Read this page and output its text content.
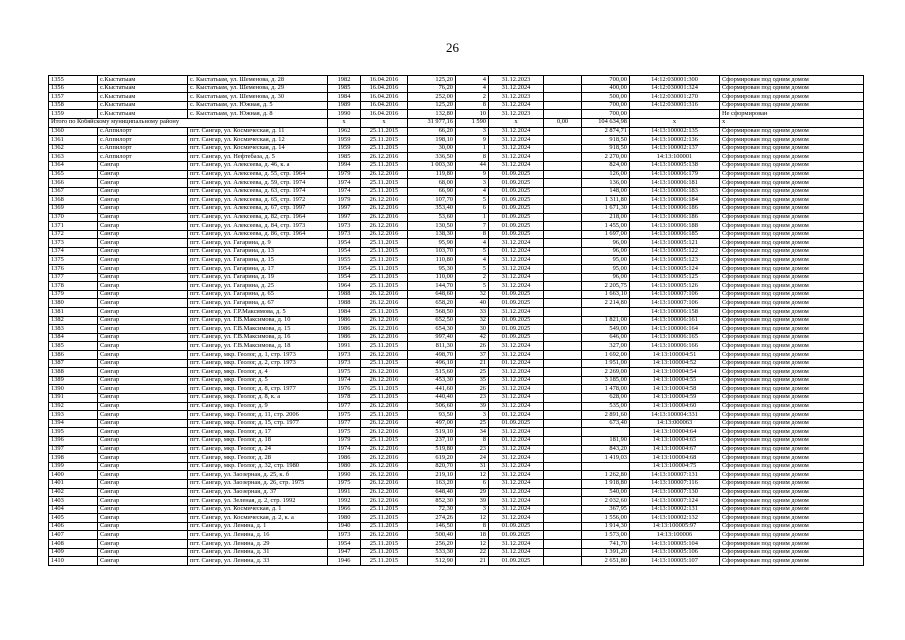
26
1355	с.Кыстатыам	с. Кыстатыам, ул. Шеменова, д. 28	1982	16.04.2016	125,20	4	31.12.2023		700,00	14:12:030001:300	Сформирован под одним домом
1356	с.Кыстатыам	с. Кыстатыам, ул. Шеменова, д. 29	1985	16.04.2016	76,20	4	31.12.2024		400,00	14:12:030001:324	Сформирован под одним домом
1357	с.Кыстатыам	с. Кыстатыам, ул. Шеменова, д. 30	1984	16.04.2016	252,00	2	31.12.2023		500,00	14:12:030001:270	Сформирован под одним домом
1358	с.Кыстатыам	с. Кыстатыам, ул. Южная, д. 5	1989	16.04.2016	125,20	8	31.12.2024		700,00	14:12:030001:316	Сформирован под одним домом
1359	с.Кыстатыам	с. Кыстатыам, ул. Южная, д. 8	1990	16.04.2016	132,80	10	31.12.2023		700,00		Не сформирован
Итого по Кобяйскому муниципальному району			х	х	31 977,16	1 590	х	0,00	104 634,98	х	х
1360	с.Аппилорт	пгт. Сангар, ул. Космическая, д. 11	1962	25.11.2015	66,20	3	31.12.2024		2 874,71	14:13:100002:135	Сформирован под одним домом
1361	с.Аппилорт	пгт. Сангар, ул. Космическая, д. 12	1959	25.11.2015	198,10	9	31.12.2024		918,50	14:13:100002:136	Сформирован под одним домом
1362	с.Аппилорт	пгт. Сангар, ул. Космическая, д. 14	1959	25.11.2015	30,00	1	31.12.2024		918,50	14:13:100002:137	Сформирован под одним домом
1363	с.Аппилорт	пгт. Сангар, ул. Нефтебаза, д. 5	1985	26.12.2016	336,50	8	31.12.2024		2 270,00	14:13:100001	Сформирован под одним домом
1364	Сангар	пгт. Сангар, ул. Алексеева, д. 46, к. а	1994	25.11.2015	1 003,30	44	31.12.2024		824,00	14:13:100005:138	Сформирован под одним домом
1365	Сангар	пгт. Сангар, ул. Алексеева, д. 55, стр. 1964	1979	26.12.2016	119,80	9	01.09.2025		126,00	14:13:100006:179	Сформирован под одним домом
1366	Сангар	пгт. Сангар, ул. Алексеева, д. 59, стр. 1974	1974	25.11.2015	68,00	3	01.09.2025		136,00	14:13:100006:181	Сформирован под одним домом
1367	Сангар	пгт. Сангар, ул. Алексеева, д. 63, стр. 1974	1974	25.11.2015	66,90	4	01.09.2025		148,00	14:13:100006:183	Сформирован под одним домом
1368	Сангар	пгт. Сангар, ул. Алексеева, д. 65, стр. 1972	1979	26.12.2016	107,70	5	01.09.2025		1 311,80	14:13:100006:184	Сформирован под одним домом
1369	Сангар	пгт. Сангар, ул. Алексеева, д. 67, стр. 1997	1997	26.12.2016	353,40	6	01.09.2025		1 671,30	14:13:100006:186	Сформирован под одним домом
1370	Сангар	пгт. Сангар, ул. Алексеева, д. 82, стр. 1964	1997	26.12.2016	53,60	1	01.09.2025		218,00	14:13:100006:186	Сформирован под одним домом
1371	Сангар	пгт. Сангар, ул. Алексеева, д. 84, стр. 1973	1973	26.12.2016	130,50	7	01.09.2025		1 455,00	14:13:100006:188	Сформирован под одним домом
1372	Сангар	пгт. Сангар, ул. Алексеева, д. 86, стр. 1964	1973	26.12.2016	138,30	8	01.09.2025		1 697,00	14:13:100006:185	Сформирован под одним домом
1373	Сангар	пгт. Сангар, ул. Гагарина, д. 9	1954	25.11.2015	95,90	4	31.12.2024		96,00	14:13:100005:121	Сформирован под одним домом
1374	Сангар	пгт. Сангар, ул. Гагарина, д. 13	1954	25.11.2015	103,70	5	01.12.2024		96,00	14:13:100005:122	Сформирован под одним домом
1375	Сангар	пгт. Сангар, ул. Гагарина, д. 15	1955	25.11.2015	110,80	4	31.12.2024		95,00	14:13:100005:123	Сформирован под одним домом
1376	Сангар	пгт. Сангар, ул. Гагарина, д. 17	1954	25.11.2015	95,30	5	31.12.2024		95,00	14:13:100005:124	Сформирован под одним домом
1377	Сангар	пгт. Сангар, ул. Гагарина, д. 19	1954	25.11.2015	110,00	2	31.12.2024		96,00	14:13:100005:125	Сформирован под одним домом
1378	Сангар	пгт. Сангар, ул. Гагарина, д. 25	1964	25.11.2015	144,70	5	31.12.2024		2 205,75	14:13:100005:126	Сформирован под одним домом
1379	Сангар	пгт. Сангар, ул. Гагарина, д. 65	1988	26.12.2016	648,60	32	01.09.2025		1 663,10	14:13:100007:106	Сформирован под одним домом
1380	Сангар	пгт. Сангар, ул. Гагарина, д. 67	1988	26.12.2016	658,20	40	01.09.2025		2 214,80	14:13:100007:106	Сформирован под одним домом
1381	Сангар	пгт. Сангар, ул. Г.Р.Максимова, д. 5	1984	25.11.2015	568,50	33	31.12.2024			14:13:100006:158	Сформирован под одним домом
1382	Сангар	пгт. Сангар, ул. Г.В.Максимова, д. 10	1986	26.12.2016	652,50	32	01.09.2025		1 821,00	14:13:100006:161	Сформирован под одним домом
1383	Сангар	пгт. Сангар, ул. Г.В.Максимова, д. 15	1986	26.12.2016	654,30	30	01.09.2025		549,00	14:13:100006:164	Сформирован под одним домом
1384	Сангар	пгт. Сангар, ул. Г.В.Максимова, д. 16	1986	26.12.2016	997,40	42	01.09.2025		646,00	14:13:100006:165	Сформирован под одним домом
1385	Сангар	пгт. Сангар, ул. Г.В.Максимова, д. 18	1991	25.11.2015	811,30	26	31.12.2024		327,00	14:13:100006:166	Сформирован под одним домом
1386	Сангар	пгт. Сангар, мкр. Геолог, д. 1, стр. 1973	1973	26.12.2016	498,70	37	31.12.2024		1 692,00	14:13:100004:51	Сформирован под одним домом
1387	Сангар	пгт. Сангар, мкр. Геолог, д. 2, стр. 1973	1973	25.11.2015	496,10	21	01.12.2024		1 951,00	14:13:100004:52	Сформирован под одним домом
1388	Сангар	пгт. Сангар, мкр. Геолог, д. 4	1975	26.12.2016	515,60	25	31.12.2024		2 269,00	14:13:100004:54	Сформирован под одним домом
1389	Сангар	пгт. Сангар, мкр. Геолог, д. 5	1974	26.12.2016	453,30	35	31.12.2024		3 185,00	14:13:100004:55	Сформирован под одним домом
1390	Сангар	пгт. Сангар, мкр. Геолог, д. 8, стр. 1977	1976	25.11.2015	441,60	26	31.12.2024		1 478,00	14:13:100004:58	Сформирован под одним домом
1391	Сангар	пгт. Сангар, мкр. Геолог, д. 8, к. а	1978	25.11.2015	440,40	23	31.12.2024		628,00	14:13:100004:59	Сформирован под одним домом
1392	Сангар	пгт. Сангар, мкр. Геолог, д. 9	1977	26.12.2016	506,60	39	31.12.2024		535,00	14:13:100004:60	Сформирован под одним домом
1393	Сангар	пгт. Сангар, мкр. Геолог, д. 11, стр. 2006	1975	25.11.2015	93,50	3	01.12.2024		2 891,60	14:13:100004:331	Сформирован под одним домом
1394	Сангар	пгт. Сангар, мкр. Геолог, д. 15, стр. 1977	1977	26.12.2016	497,00	25	01.09.2025		673,40	14:13:000063	Сформирован под одним домом
1395	Сангар	пгт. Сангар, мкр. Геолог, д. 17	1975	26.12.2016	519,10	34	31.12.2024			14:13:100004:64	Сформирован под одним домом
1396	Сангар	пгт. Сангар, мкр. Геолог, д. 18	1979	25.11.2015	237,10	8	01.12.2024		181,90	14:13:100004:65	Сформирован под одним домом
1397	Сангар	пгт. Сангар, мкр. Геолог, д. 24	1974	26.12.2016	519,80	23	31.12.2024		843,20	14:13:100004:67	Сформирован под одним домом
1398	Сангар	пгт. Сангар, мкр. Геолог, д. 28	1986	26.12.2016	619,20	24	31.12.2024		1 419,03	14:13:100004:68	Сформирован под одним домом
1399	Сангар	пгт. Сангар, мкр. Геолог, д. 32, стр. 1980	1980	26.12.2016	820,70	31	31.12.2024			14:13:100004:75	Сформирован под одним домом
1400	Сангар	пгт. Сангар, ул. Заозерная, д. 25, к. б	1990	26.12.2016	219,10	12	31.12.2024		1 262,80	14:13:100007:131	Сформирован под одним домом
1401	Сангар	пгт. Сангар, ул. Заозерная, д. 26, стр. 1975	1975	26.12.2016	163,20	6	31.12.2024		1 918,80	14:13:100007:116	Сформирован под одним домом
1402	Сангар	пгт. Сангар, ул. Заозерная, д. 37	1991	26.12.2016	648,40	29	31.12.2024		540,00	14:13:100007:130	Сформирован под одним домом
1403	Сангар	пгт. Сангар, ул. Зеленая, д. 2, стр. 1992	1992	26.12.2016	852,30	39	31.12.2024		2 032,60	14:13:100007:124	Сформирован под одним домом
1404	Сангар	пгт. Сангар, ул. Космическая, д. 1	1966	25.11.2015	72,30	3	31.12.2024		367,95	14:13:100002:131	Сформирован под одним домом
1405	Сангар	пгт. Сангар, ул. Космическая, д. 2, к. а	1980	25.11.2015	274,26	12	31.12.2024		1 556,00	14:13:100002:132	Сформирован под одним домом
1406	Сангар	пгт. Сангар, ул. Ленина, д. 1	1940	25.11.2015	146,50	8	01.09.2025		1 914,30	14:13:100005:97	Сформирован под одним домом
1407	Сангар	пгт. Сангар, ул. Ленина, д. 16	1973	26.12.2016	500,40	18	01.09.2025		1 573,00	14:13:100006	Сформирован под одним домом
1408	Сангар	пгт. Сангар, ул. Ленина, д. 29	1954	25.11.2015	256,20	12	31.12.2024		741,70	14:13:100005:104	Сформирован под одним домом
1409	Сангар	пгт. Сангар, ул. Ленина, д. 31	1947	25.11.2015	533,30	22	31.12.2024		1 391,20	14:13:100005:106	Сформирован под одним домом
1410	Сангар	пгт. Сангар, ул. Ленина, д. 33	1946	25.11.2015	512,90	21	01.09.2025		2 651,80	14:13:100005:107	Сформирован под одним домом
